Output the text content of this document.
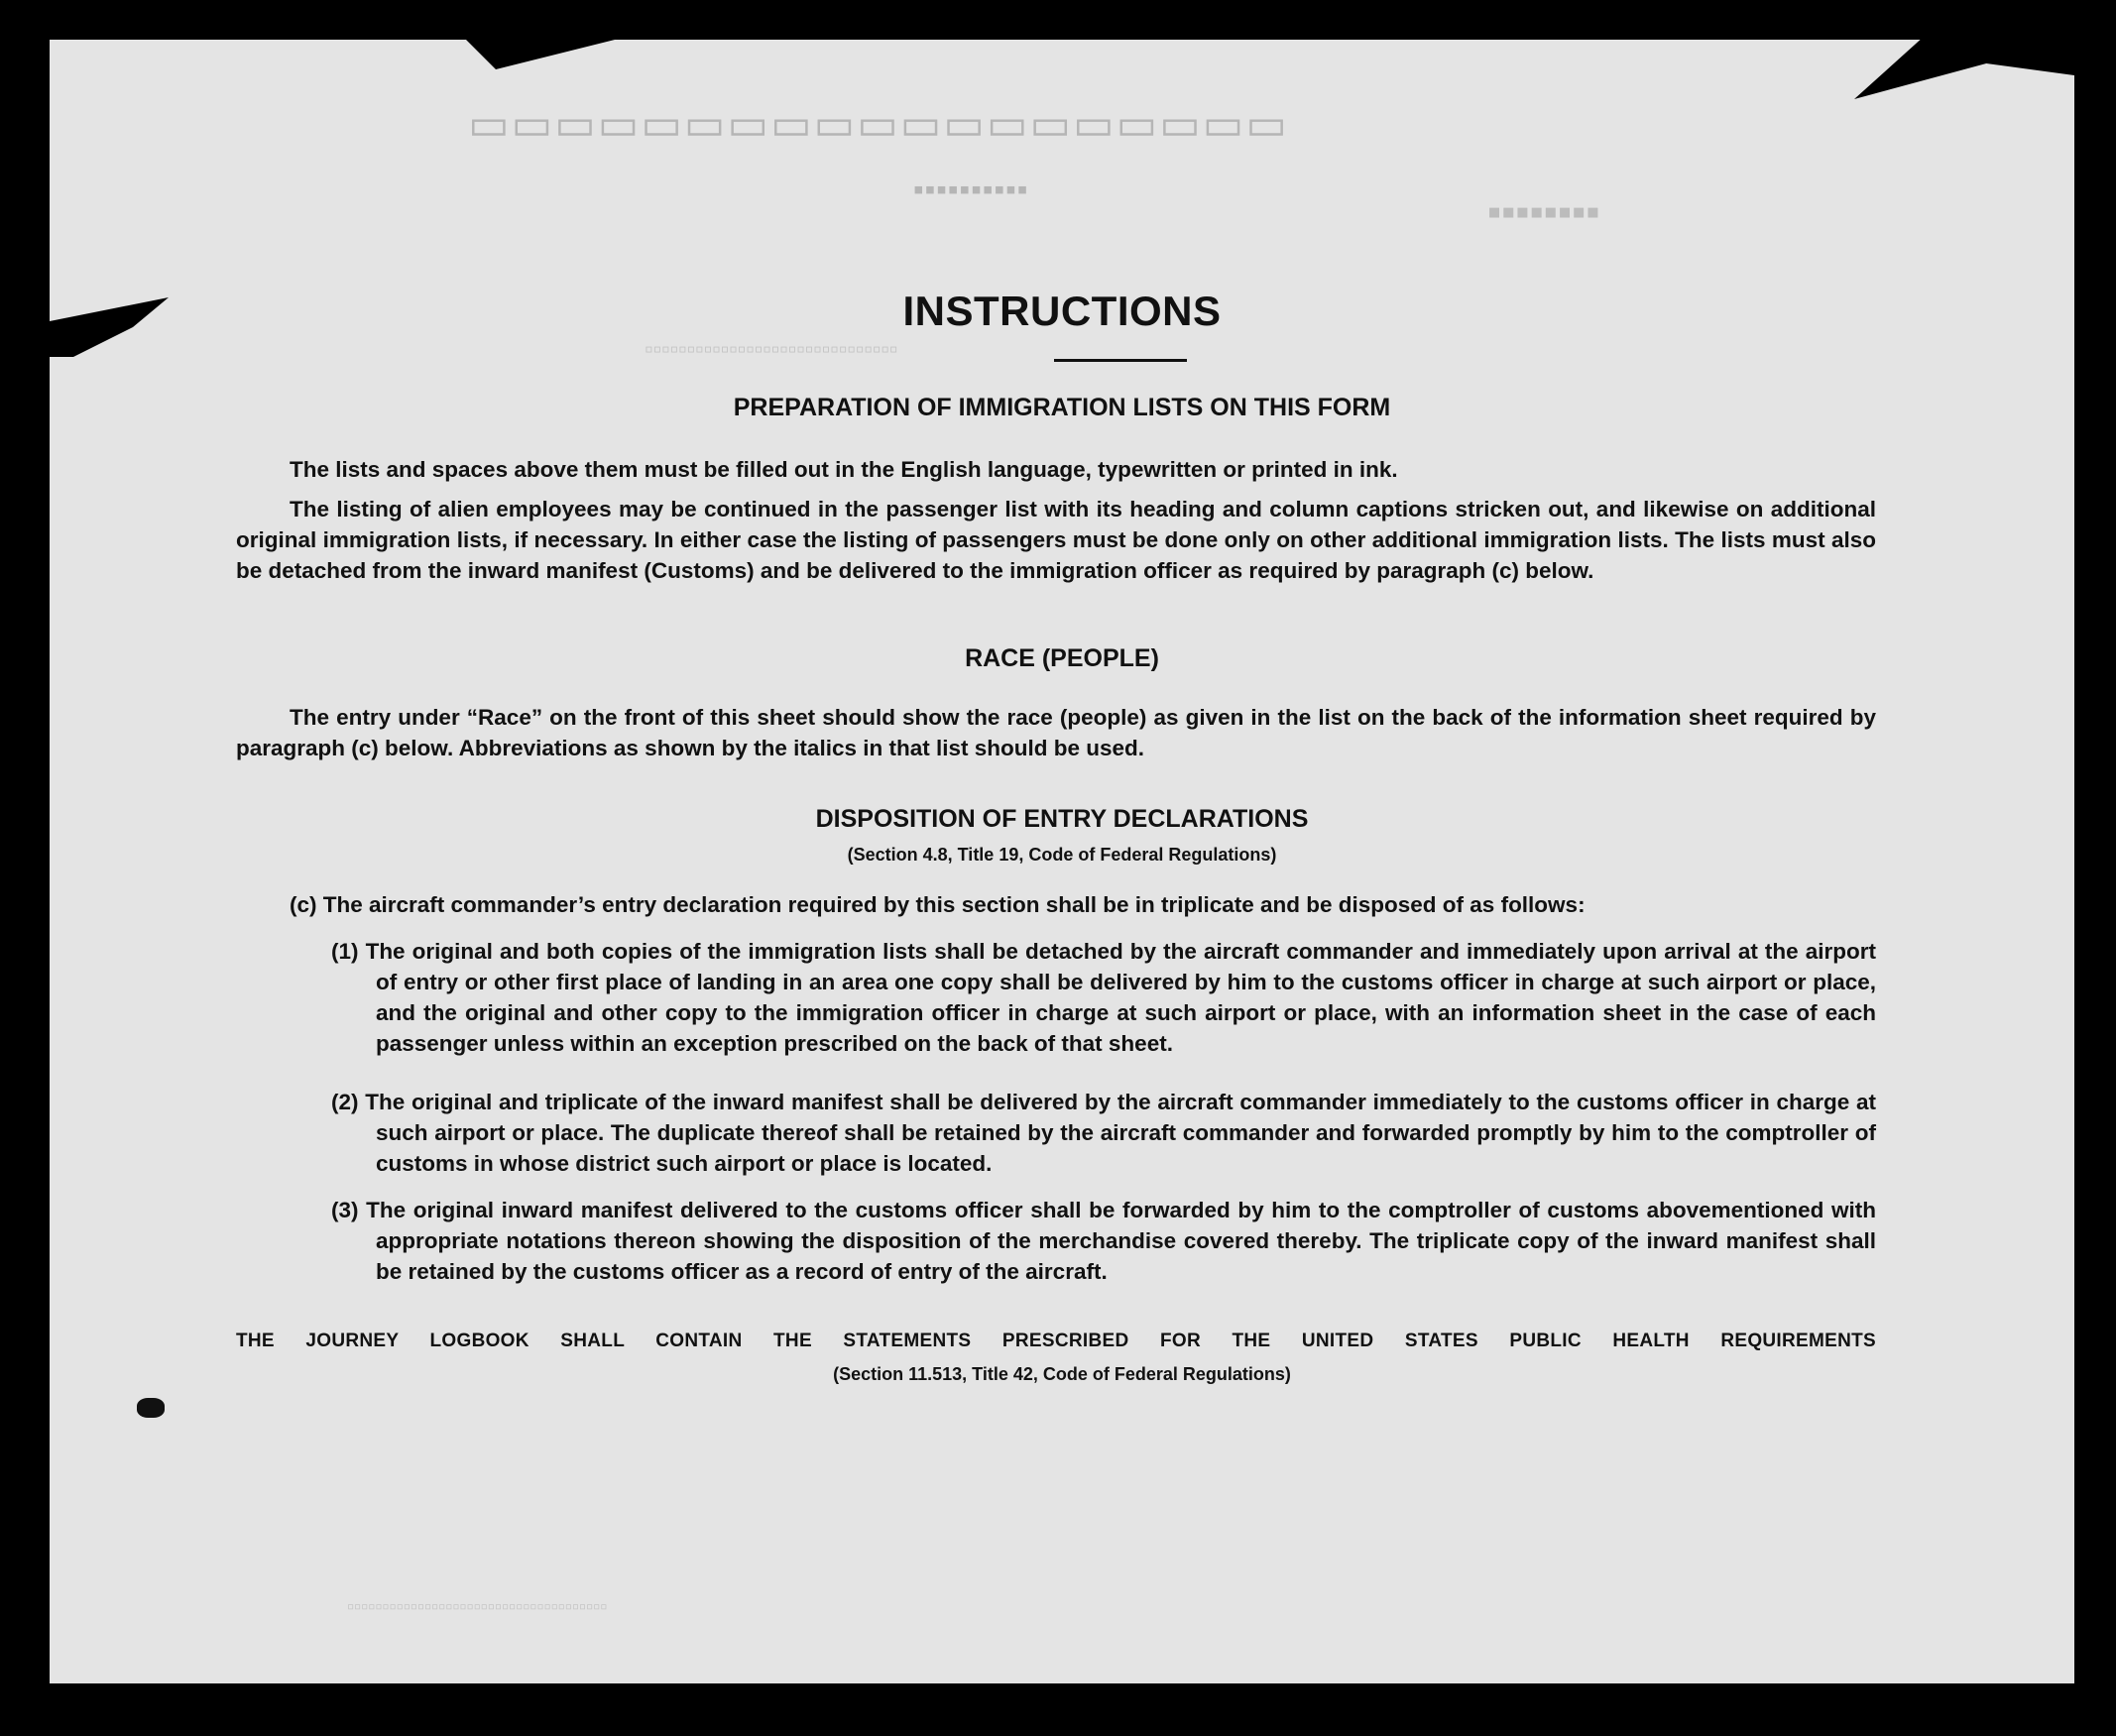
▭▭▭▭▭▭▭▭▭▭▭▭▭▭▭▭▭▭▭
▪▪▪▪▪▪▪▪▪▪	▪▪▪▪▪▪▪▪
▫▫▫▫▫▫▫▫▫▫▫▫▫▫▫▫▫▫▫▫▫▫▫▫▫▫▫▫▫▫
▫▫▫▫▫▫▫▫▫▫▫▫▫▫▫▫▫▫▫▫▫▫▫▫▫▫▫▫▫▫▫▫▫▫▫▫▫
INSTRUCTIONS
PREPARATION OF IMMIGRATION LISTS ON THIS FORM
The lists and spaces above them must be filled out in the English language, typewritten or printed in ink.
The listing of alien employees may be continued in the passenger list with its heading and column captions stricken out, and likewise on additional original immigration lists, if necessary. In either case the listing of passengers must be done only on other additional immigration lists. The lists must also be detached from the inward manifest (Customs) and be delivered to the immigration officer as required by paragraph (c) below.
RACE (PEOPLE)
The entry under “Race” on the front of this sheet should show the race (people) as given in the list on the back of the information sheet required by paragraph (c) below. Abbreviations as shown by the italics in that list should be used.
DISPOSITION OF ENTRY DECLARATIONS
(Section 4.8, Title 19, Code of Federal Regulations)
(c) The aircraft commander’s entry declaration required by this section shall be in triplicate and be disposed of as follows:
(1) The original and both copies of the immigration lists shall be detached by the aircraft commander and immediately upon arrival at the airport of entry or other first place of landing in an area one copy shall be delivered by him to the customs officer in charge at such airport or place, and the original and other copy to the immigration officer in charge at such airport or place, with an information sheet in the case of each passenger unless within an exception prescribed on the back of that sheet.
(2) The original and triplicate of the inward manifest shall be delivered by the aircraft commander immediately to the customs officer in charge at such airport or place. The duplicate thereof shall be retained by the aircraft commander and forwarded promptly by him to the comptroller of customs in whose district such airport or place is located.
(3) The original inward manifest delivered to the customs officer shall be forwarded by him to the comptroller of customs abovementioned with appropriate notations thereon showing the disposition of the merchandise covered thereby. The triplicate copy of the inward manifest shall be retained by the customs officer as a record of entry of the aircraft.
THE JOURNEY LOGBOOK SHALL CONTAIN THE STATEMENTS PRESCRIBED FOR THE UNITED STATES PUBLIC HEALTH REQUIREMENTS
(Section 11.513, Title 42, Code of Federal Regulations)
